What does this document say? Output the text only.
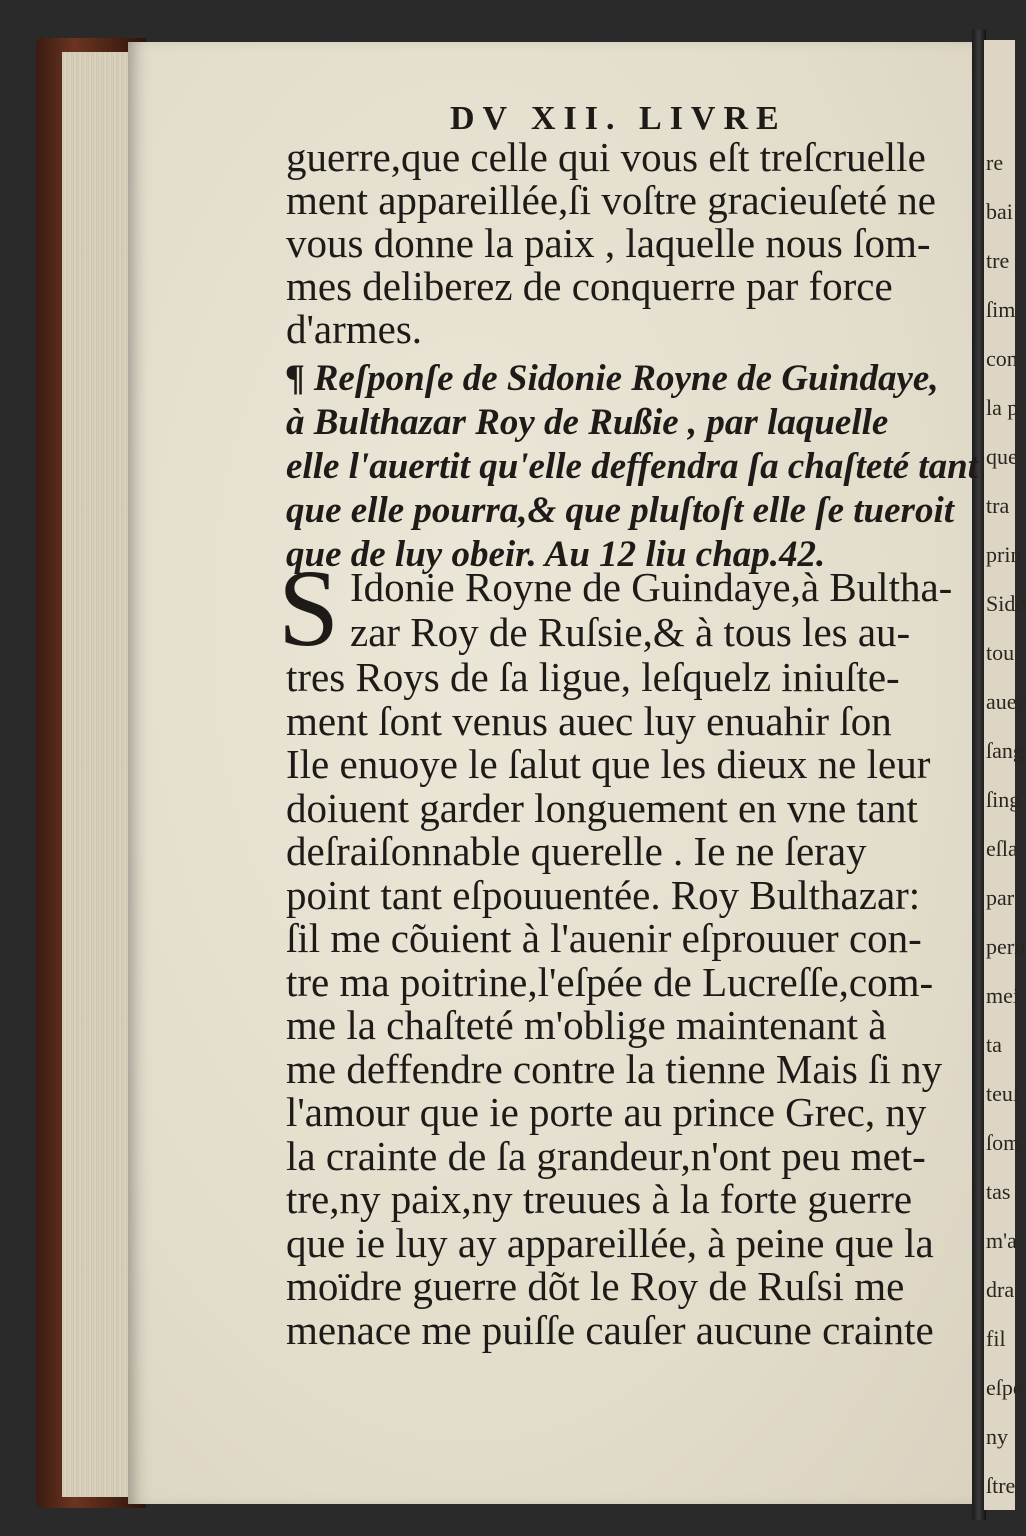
re
bai
tre
ſim
con
la p
que
tra
prin
Sido
tou
auec
ſang
ſing
eſla
par
pern
mei
ta
teuſ
ſom
tas
m'a
dra
fil
eſpe
ny
ſtre
DV XII. LIVRE
guerre,que celle qui vous eſt treſcruelle
ment appareillée,ſi voſtre gracieuſeté ne
vous donne la paix , laquelle nous ſom-
mes deliberez de conquerre par force
d'armes.
¶ Reſponſe de Sidonie Royne de Guindaye,
à Bulthazar Roy de Rußie , par laquelle
elle l'auertit qu'elle deffendra ſa chaſteté tant
que elle pourra,& que pluſtoſt elle ſe tueroit
que de luy obeir. Au 12 liu chap.42.
S Idonie Royne de Guindaye,à Bultha-
zar Roy de Ruſsie,& à tous les au-
tres Roys de ſa ligue, leſquelz iniuſte-
ment ſont venus auec luy enuahir ſon
Ile enuoye le ſalut que les dieux ne leur
doiuent garder longuement en vne tant
deſraiſonnable querelle . Ie ne ſeray
point tant eſpouuentée. Roy Bulthazar:
ſil me cõuient à l'auenir eſprouuer con-
tre ma poitrine,l'eſpée de Lucreſſe,com-
me la chaſteté m'oblige maintenant à
me deffendre contre la tienne Mais ſi ny
l'amour que ie porte au prince Grec, ny
la crainte de ſa grandeur,n'ont peu met-
tre,ny paix,ny treuues à la forte guerre
que ie luy ay appareillée, à peine que la
moïdre guerre dõt le Roy de Ruſsi me
menace me puiſſe cauſer aucune crainte
